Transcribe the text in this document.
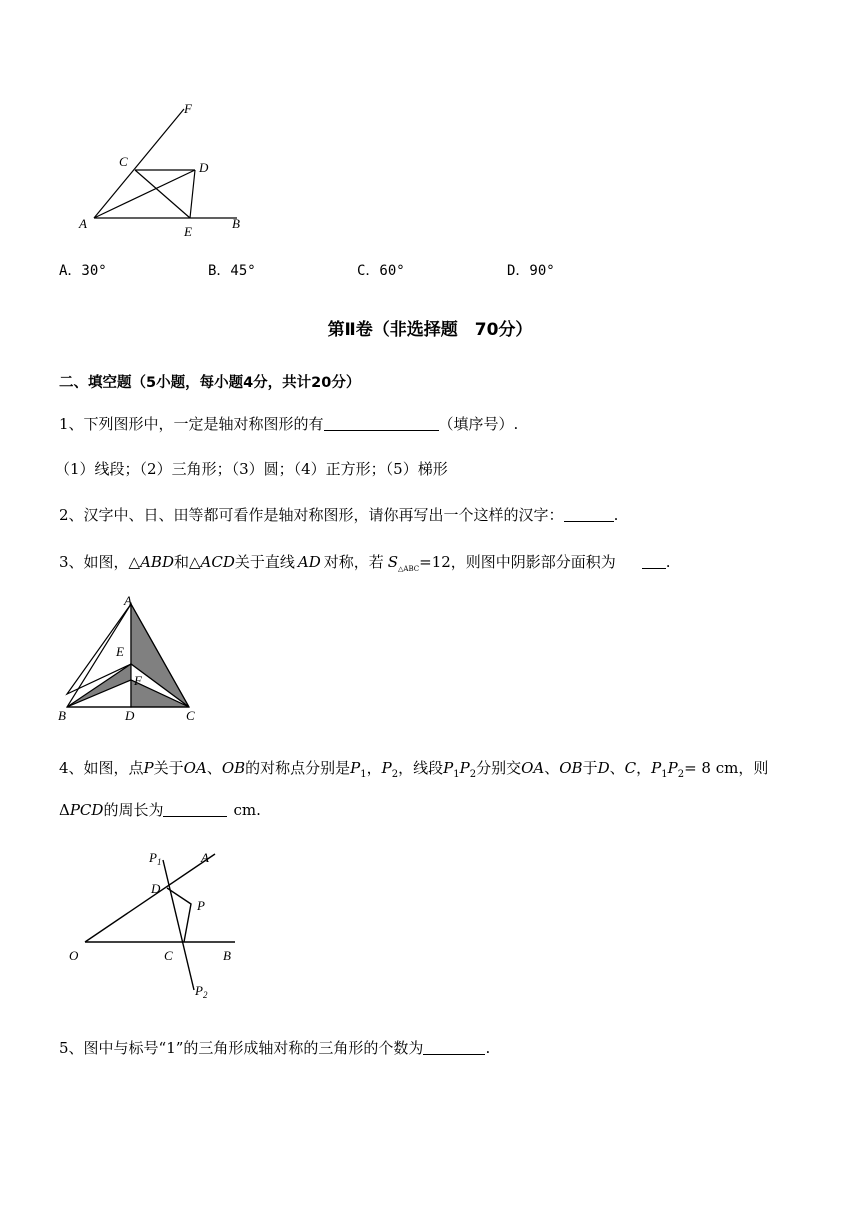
F
C	D
A
E
B
A．30°	B．45°	C．60°	D．90°
第Ⅱ卷（非选择题　70分）
二、填空题（5小题，每小题4分，共计20分）
1、下列图形中，一定是轴对称图形的有	（填序号）.
（1）线段；（2）三角形；（3）圆；（4）正方形；（5）梯形
2、汉字中、日、田等都可看作是轴对称图形，请你再写出一个这样的汉字：	.
3、如图，△ABD和△ACD关于直线 AD 对称，若 $S_{\triangle ABC}=12$，则图中阴影部分面积为	.
A
E
F
B	D	C
4、如图，点P关于OA、OB的对称点分别是$P_1$，$P_2$，线段$P_1P_2$分别交OA、OB于D、C，$P_1P_2= 8$ cm，则
ΔPCD的周长为	cm.
$P_1$	A
D
P
O	C	B
$P_2$
5、图中与标号“1”的三角形成轴对称的三角形的个数为	.
